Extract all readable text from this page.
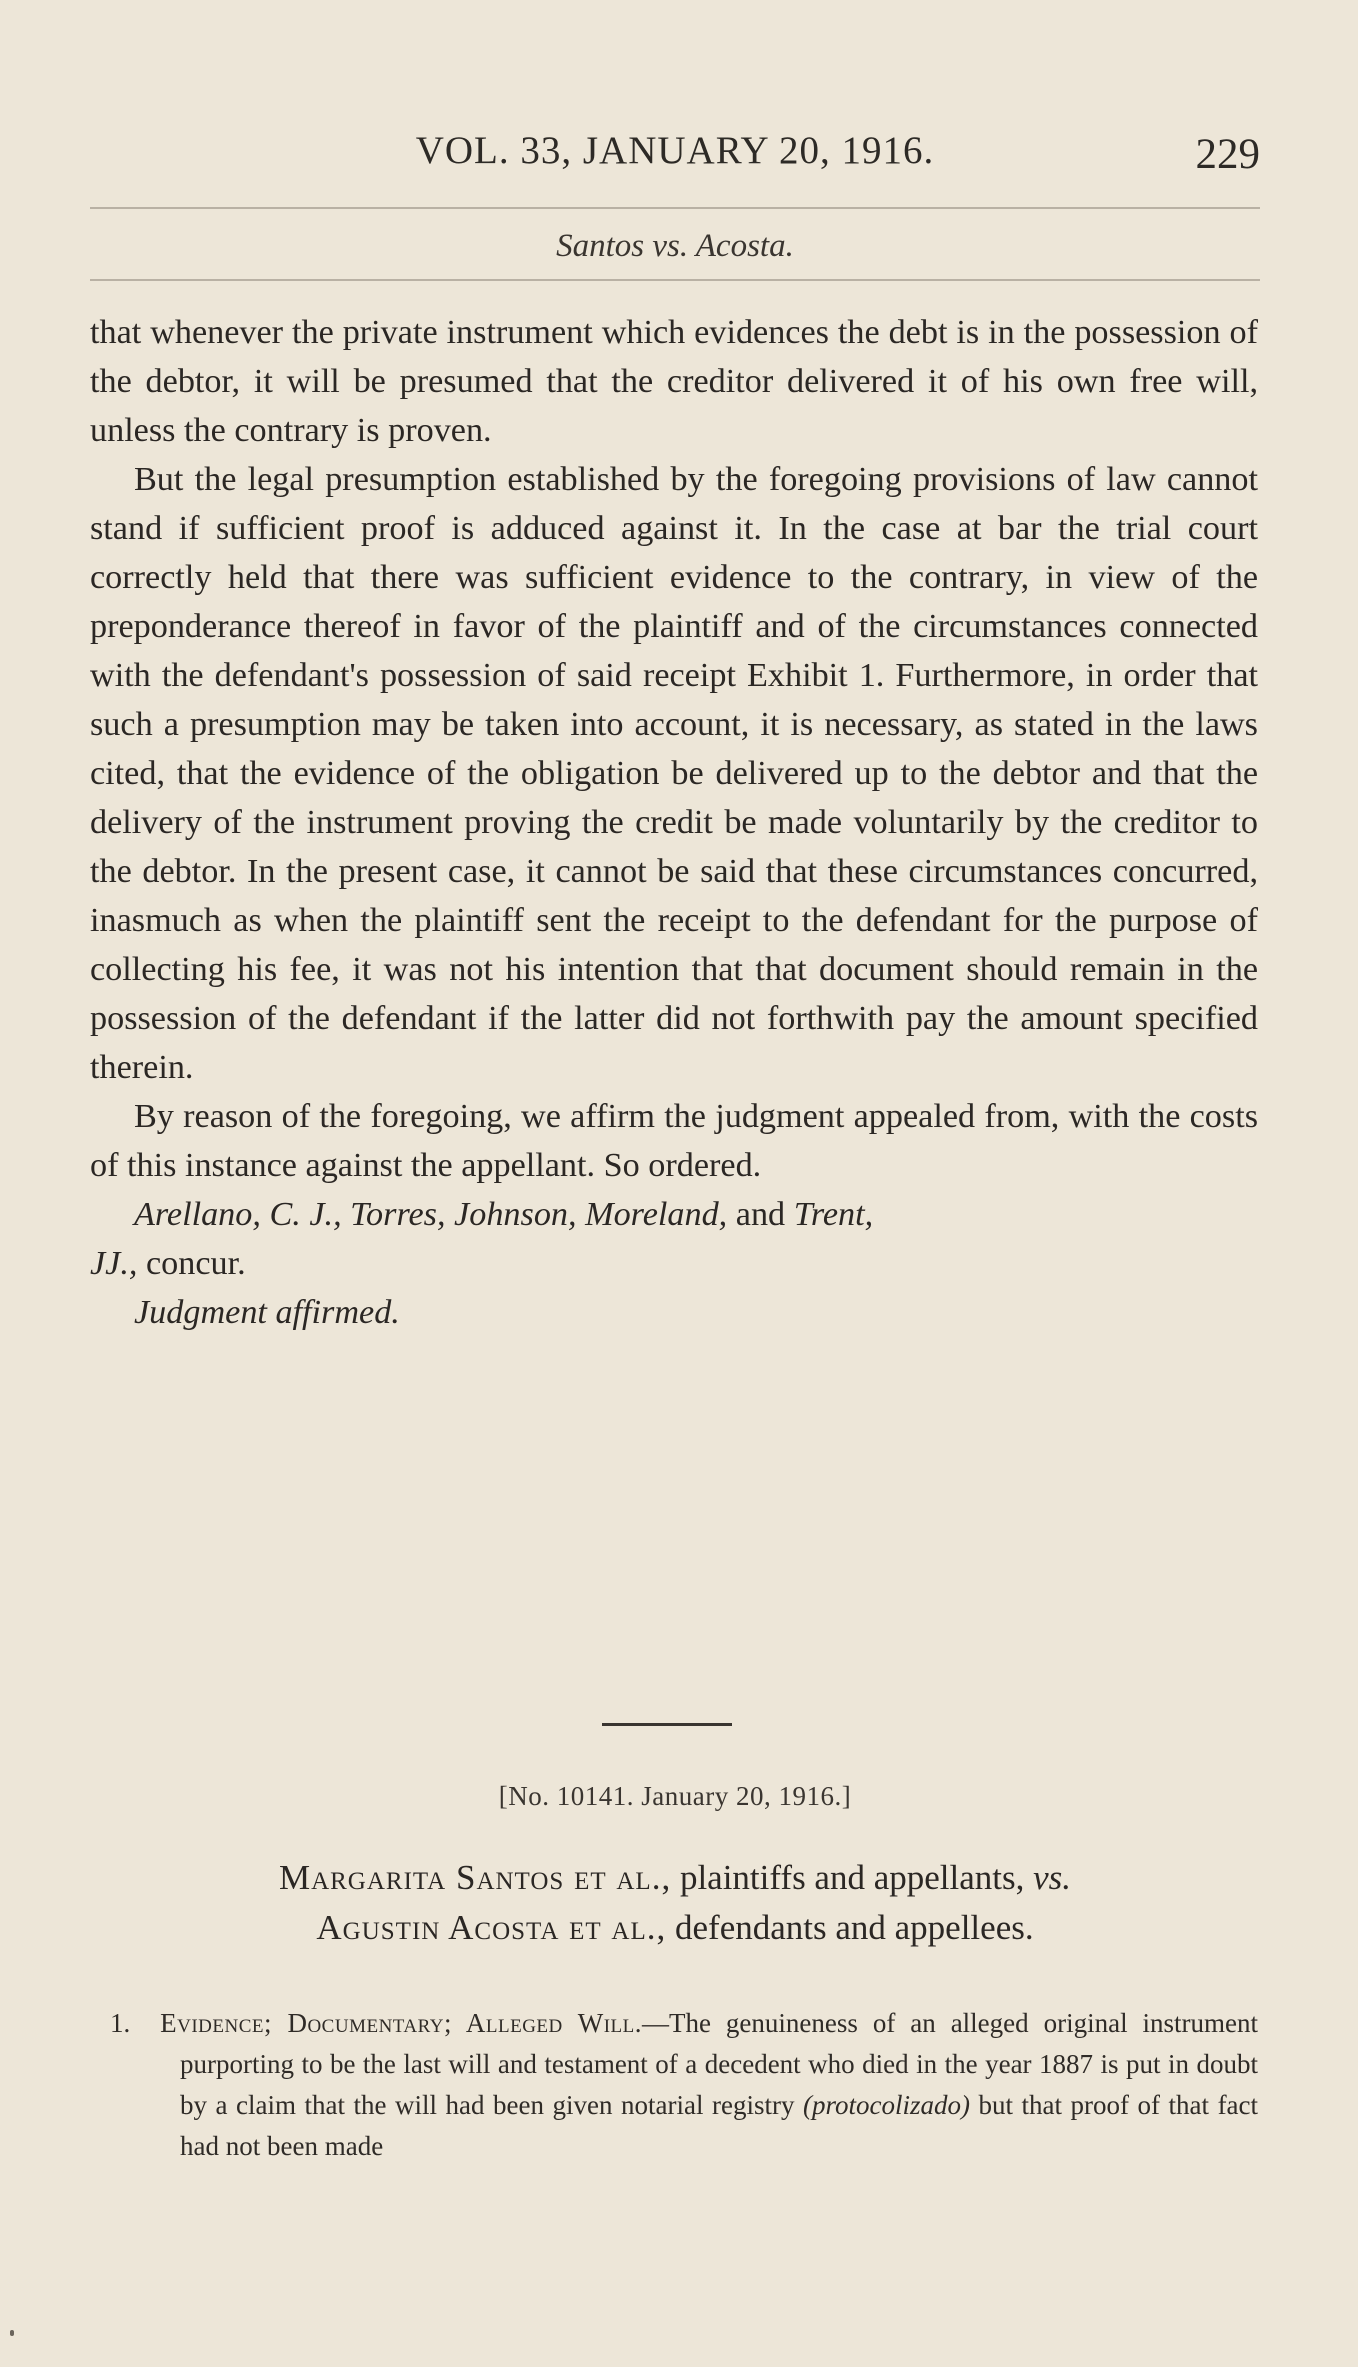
VOL. 33, JANUARY 20, 1916.	229
Santos vs. Acosta.

that whenever the private instrument which evidences the debt is in the possession of the debtor, it will be presumed that the creditor delivered it of his own free will, unless the contrary is proven.

But the legal presumption established by the foregoing provisions of law cannot stand if sufficient proof is adduced against it. In the case at bar the trial court correctly held that there was sufficient evidence to the contrary, in view of the preponderance thereof in favor of the plaintiff and of the circumstances connected with the defendant's possession of said receipt Exhibit 1. Furthermore, in order that such a presumption may be taken into account, it is necessary, as stated in the laws cited, that the evidence of the obligation be delivered up to the debtor and that the delivery of the instrument proving the credit be made voluntarily by the creditor to the debtor. In the present case, it cannot be said that these circumstances concurred, inasmuch as when the plaintiff sent the receipt to the defendant for the purpose of collecting his fee, it was not his intention that that document should remain in the possession of the defendant if the latter did not forthwith pay the amount specified therein.

By reason of the foregoing, we affirm the judgment appealed from, with the costs of this instance against the appellant. So ordered.

Arellano, C. J., Torres, Johnson, Moreland, and Trent,
JJ., concur.

Judgment affirmed.

[No. 10141. January 20, 1916.]
Margarita Santos et al., plaintiffs and appellants, vs.
Agustin Acosta et al., defendants and appellees.

1. Evidence; Documentary; Alleged Will.—The genuineness of an alleged original instrument purporting to be the last will and testament of a decedent who died in the year 1887 is put in doubt by a claim that the will had been given notarial registry (protocolizado) but that proof of that fact had not been made
